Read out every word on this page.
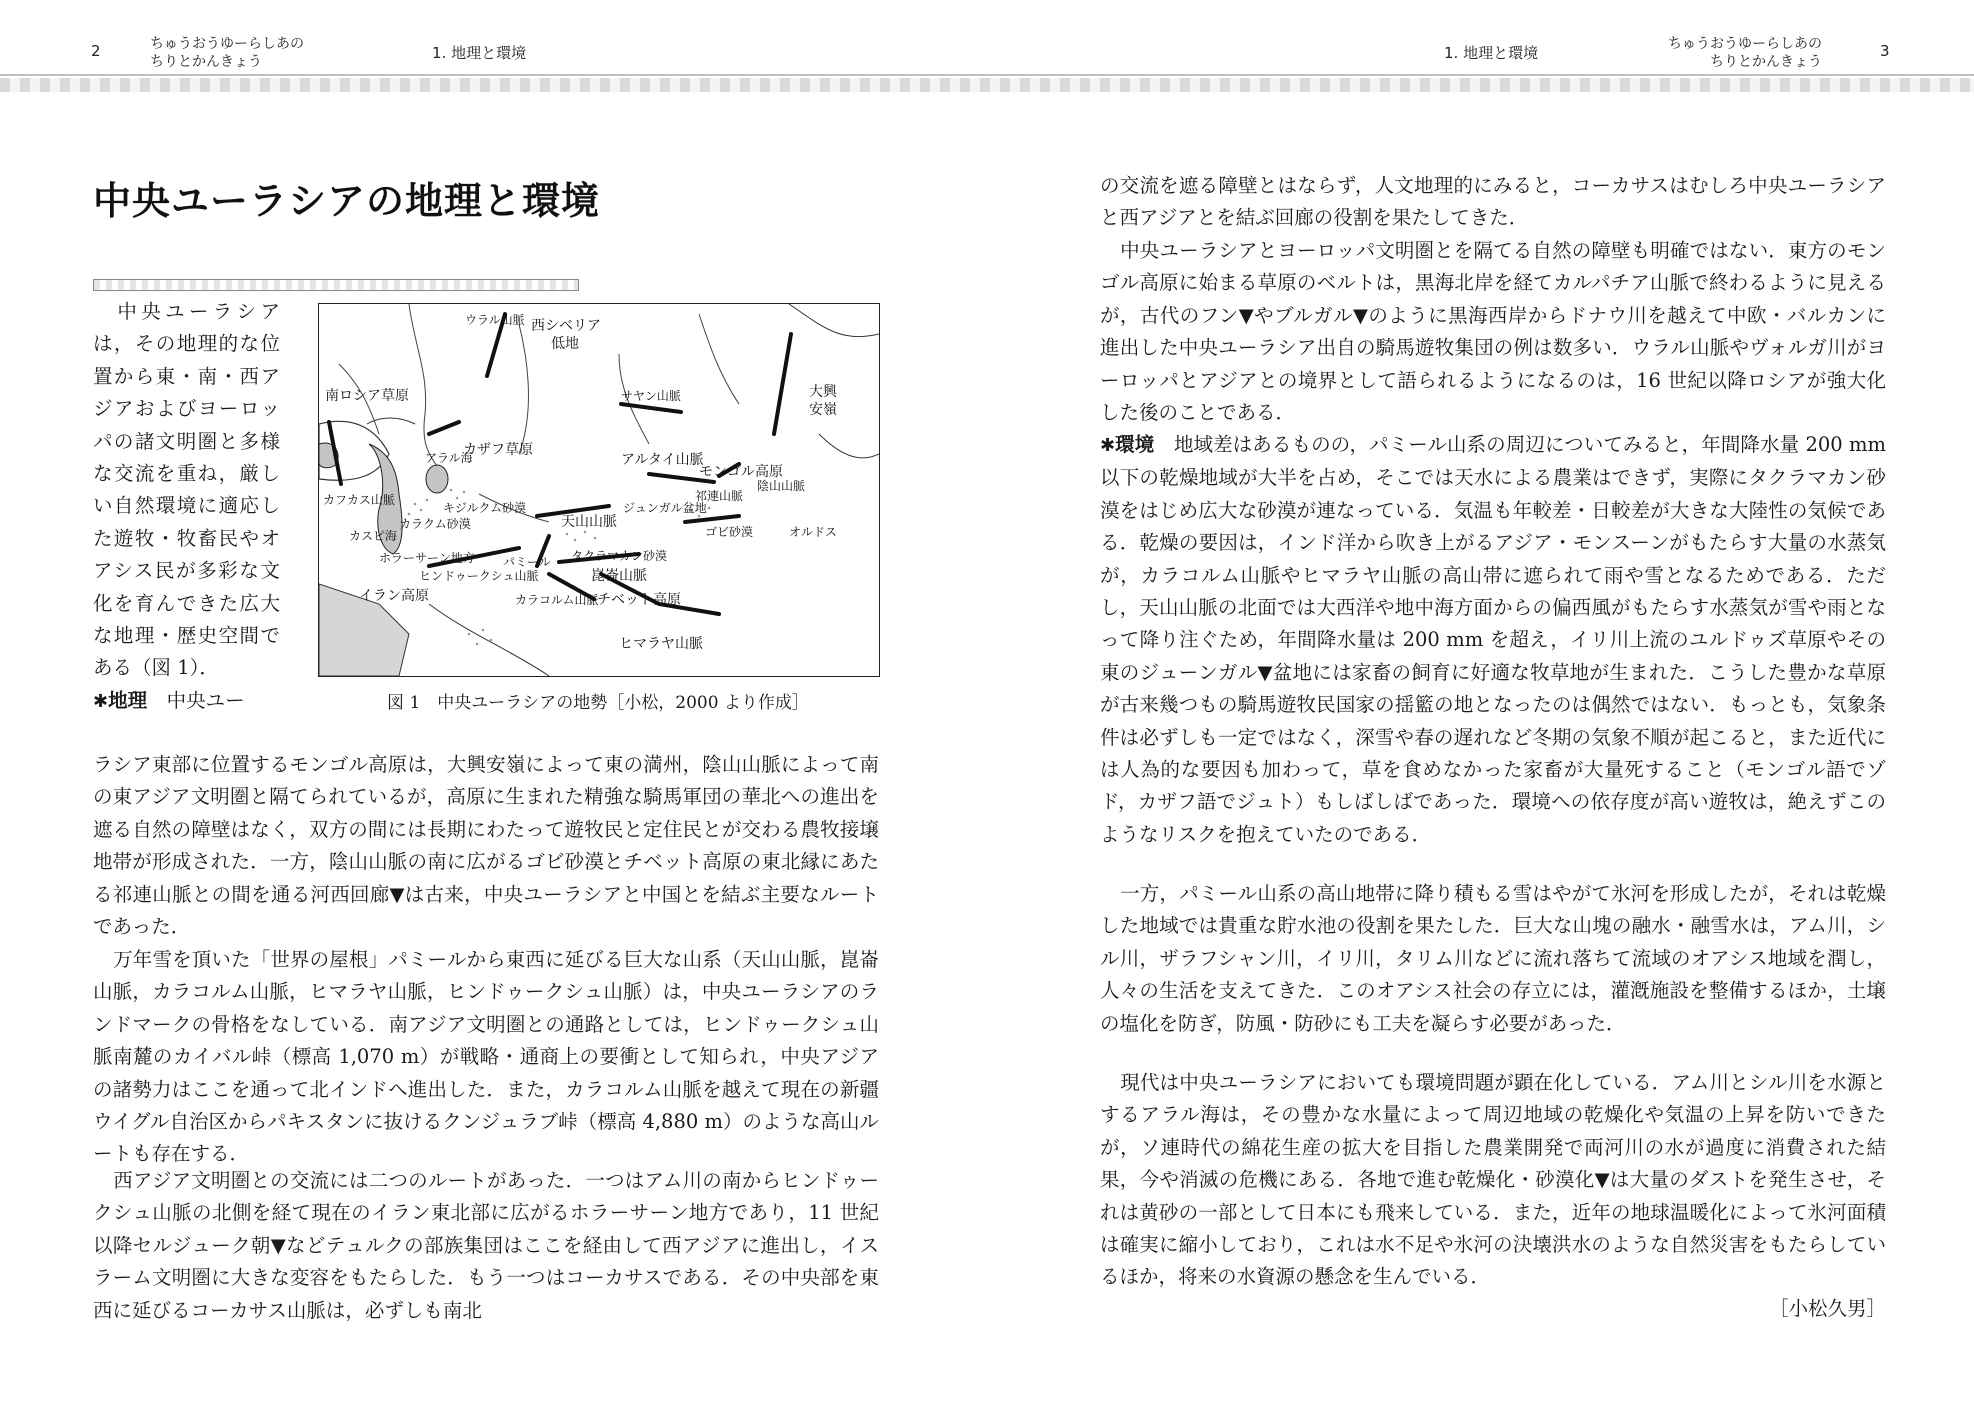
2	ちゅうおうゆーらしあの
ちりとかんきょう	1. 地理と環境	1. 地理と環境	ちゅうおうゆーらしあの
ちりとかんきょう
3
中央ユーラシアの地理と環境

中央ユーラシアは，その地理的な位置から東・南・西アジアおよびヨーロッパの諸文明圏と多様な交流を重ね，厳しい自然環境に適応した遊牧・牧畜民やオアシス民が多彩な文化を育んできた広大な地理・歴史空間である（図 1）．
✱地理　 中央ユー

西シベリア
低地
南ロシア草原
カザフ草原
サヤン山脈	大興
安嶺
アルタイ山脈
モンゴル高原
天山山脈
ジュンガル盆地
カラクム砂漠
キジルクム砂漠
ホラーサーン地方
ヒンドゥークシュ山脈
イラン高原
パミール タクラマカン砂漠
崑崙山脈
チベット高原
ヒマラヤ山脈
ゴビ砂漠
陰山山脈
祁連山脈
カラコルム山脈
ウラル山脈
カフカス山脈
カスピ海
アラル海
オルドス
図 1　中央ユーラシアの地勢［小松，2000 より作成］

ラシア東部に位置するモンゴル高原は，大興安嶺によって東の満州，陰山山脈によって南の東アジア文明圏と隔てられているが，高原に生まれた精強な騎馬軍団の華北への進出を遮る自然の障壁はなく，双方の間には長期にわたって遊牧民と定住民とが交わる農牧接壌地帯が形成された．一方，陰山山脈の南に広がるゴビ砂漠とチベット高原の東北縁にあたる祁連山脈との間を通る河西回廊▼は古来，中央ユーラシアと中国とを結ぶ主要なルートであった．

万年雪を頂いた「世界の屋根」パミールから東西に延びる巨大な山系（天山山脈，崑崙山脈，カラコルム山脈，ヒマラヤ山脈，ヒンドゥークシュ山脈）は，中央ユーラシアのランドマークの骨格をなしている．南アジア文明圏との通路としては，ヒンドゥークシュ山脈南麓のカイバル峠（標高 1,070 m）が戦略・通商上の要衝として知られ，中央アジアの諸勢力はここを通って北インドへ進出した．また，カラコルム山脈を越えて現在の新疆ウイグル自治区からパキスタンに抜けるクンジュラブ峠（標高 4,880 m）のような高山ルートも存在する．

西アジア文明圏との交流には二つのルートがあった．一つはアム川の南からヒンドゥークシュ山脈の北側を経て現在のイラン東北部に広がるホラーサーン地方であり，11 世紀以降セルジューク朝▼などテュルクの部族集団はここを経由して西アジアに進出し，イスラーム文明圏に大きな変容をもたらした．もう一つはコーカサスである．その中央部を東西に延びるコーカサス山脈は，必ずしも南北

の交流を遮る障壁とはならず，人文地理的にみると，コーカサスはむしろ中央ユーラシアと西アジアとを結ぶ回廊の役割を果たしてきた．

中央ユーラシアとヨーロッパ文明圏とを隔てる自然の障壁も明確ではない．東方のモンゴル高原に始まる草原のベルトは，黒海北岸を経てカルパチア山脈で終わるように見えるが，古代のフン▼やブルガル▼のように黒海西岸からドナウ川を越えて中欧・バルカンに進出した中央ユーラシア出自の騎馬遊牧集団の例は数多い．ウラル山脈やヴォルガ川がヨーロッパとアジアとの境界として語られるようになるのは，16 世紀以降ロシアが強大化した後のことである．

✱環境　 地域差はあるものの，パミール山系の周辺についてみると，年間降水量 200 mm 以下の乾燥地域が大半を占め，そこでは天水による農業はできず，実際にタクラマカン砂漠をはじめ広大な砂漠が連なっている．気温も年較差・日較差が大きな大陸性の気候である．乾燥の要因は，インド洋から吹き上がるアジア・モンスーンがもたらす大量の水蒸気が，カラコルム山脈やヒマラヤ山脈の高山帯に遮られて雨や雪となるためである．ただし，天山山脈の北面では大西洋や地中海方面からの偏西風がもたらす水蒸気が雪や雨となって降り注ぐため，年間降水量は 200 mm を超え，イリ川上流のユルドゥズ草原やその東のジューンガル▼盆地には家畜の飼育に好適な牧草地が生まれた．こうした豊かな草原が古来幾つもの騎馬遊牧民国家の揺籃の地となったのは偶然ではない．もっとも，気象条件は必ずしも一定ではなく，深雪や春の遅れなど冬期の気象不順が起こると，また近代には人為的な要因も加わって，草を食めなかった家畜が大量死すること（モンゴル語でゾド，カザフ語でジュト）もしばしばであった．環境への依存度が高い遊牧は，絶えずこのようなリスクを抱えていたのである．

一方，パミール山系の高山地帯に降り積もる雪はやがて氷河を形成したが，それは乾燥した地域では貴重な貯水池の役割を果たした．巨大な山塊の融水・融雪水は，アム川，シル川，ザラフシャン川，イリ川，タリム川などに流れ落ちて流域のオアシス地域を潤し，人々の生活を支えてきた．このオアシス社会の存立には，灌漑施設を整備するほか，土壌の塩化を防ぎ，防風・防砂にも工夫を凝らす必要があった．

現代は中央ユーラシアにおいても環境問題が顕在化している．アム川とシル川を水源とするアラル海は，その豊かな水量によって周辺地域の乾燥化や気温の上昇を防いできたが，ソ連時代の綿花生産の拡大を目指した農業開発で両河川の水が過度に消費された結果，今や消滅の危機にある．各地で進む乾燥化・砂漠化▼は大量のダストを発生させ，それは黄砂の一部として日本にも飛来している．また，近年の地球温暖化によって氷河面積は確実に縮小しており，これは水不足や氷河の決壊洪水のような自然災害をもたらしているほか，将来の水資源の懸念を生んでいる．

［小松久男］
